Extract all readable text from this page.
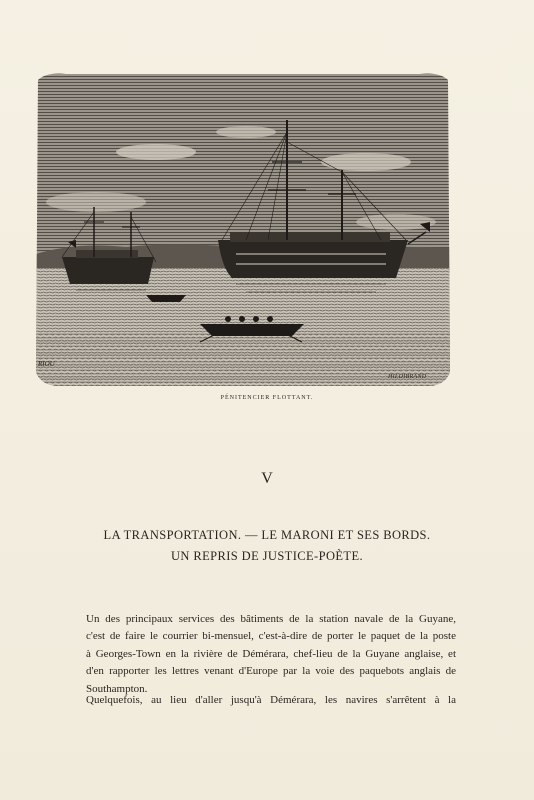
RIOU
HILDIBRAND
PÉNITENCIER FLOTTANT.
V
LA TRANSPORTATION. — LE MARONI ET SES BORDS.
UN REPRIS DE JUSTICE-POÈTE.
Un des principaux services des bâtiments de la station navale de la Guyane,
c'est de faire le courrier bi-mensuel, c'est-à-dire de porter le paquet de la poste
à Georges-Town en la rivière de Démérara, chef-lieu de la Guyane anglaise, et
d'en rapporter les lettres venant d'Europe par la voie des paquebots anglais de
Southampton.
Quelquefois, au lieu d'aller jusqu'à Démérara, les navires s'arrêtent à la
